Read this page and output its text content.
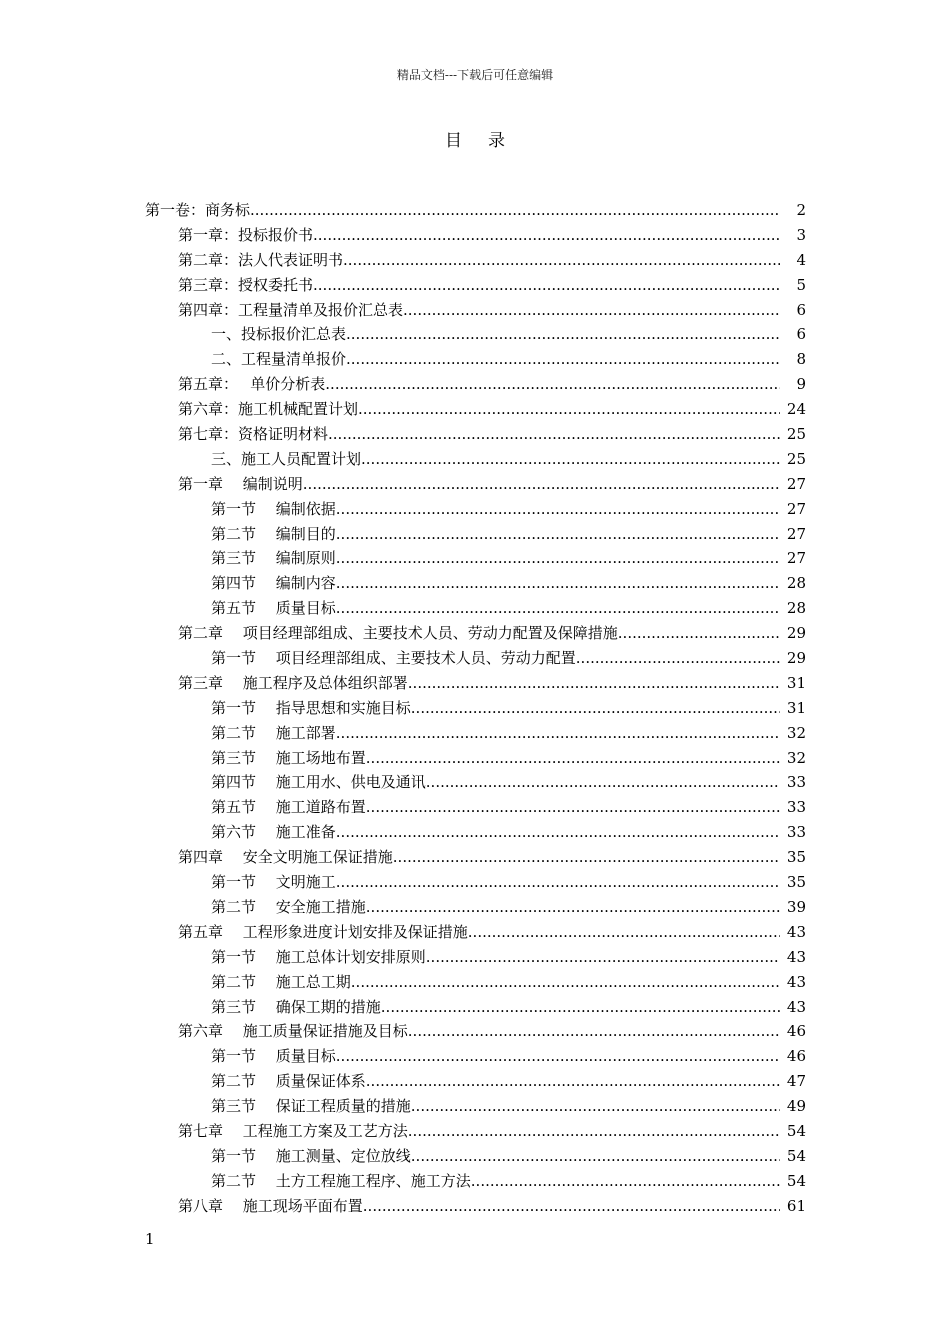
精品文档---下载后可任意编辑
目 录
第一卷：商务标 .....	2
第一章：投标报价书 .....	3
第二章：法人代表证明书 .....	4
第三章：授权委托书 .....	5
第四章：工程量清单及报价汇总表 .....	6
一、投标报价汇总表 .....	6
二、工程量清单报价 .....	8
第五章：　 单价分析表 .....	9
第六章：施工机械配置计划 .....	24
第七章：资格证明材料 .....	25
三、施工人员配置计划 .....	25
第一章　 编制说明 .....	27
第一节　 编制依据 .....	27
第二节　 编制目的 .....	27
第三节　 编制原则 .....	27
第四节　 编制内容 .....	28
第五节　 质量目标 .....	28
第二章　 项目经理部组成、主要技术人员、劳动力配置及保障措施 .....	29
第一节　 项目经理部组成、主要技术人员、劳动力配置 .....	29
第三章　 施工程序及总体组织部署 .....	31
第一节　 指导思想和实施目标 .....	31
第二节　 施工部署 .....	32
第三节　 施工场地布置 .....	32
第四节　 施工用水、供电及通讯 .....	33
第五节　 施工道路布置 .....	33
第六节　 施工准备 .....	33
第四章　 安全文明施工保证措施 .....	35
第一节　 文明施工 .....	35
第二节　 安全施工措施 .....	39
第五章　 工程形象进度计划安排及保证措施 .....	43
第一节　 施工总体计划安排原则 .....	43
第二节　 施工总工期 .....	43
第三节　 确保工期的措施 .....	43
第六章　 施工质量保证措施及目标 .....	46
第一节　 质量目标 .....	46
第二节　 质量保证体系 .....	47
第三节　 保证工程质量的措施 .....	49
第七章　 工程施工方案及工艺方法 .....	54
第一节　 施工测量、定位放线 .....	54
第二节　 土方工程施工程序、施工方法 .....	54
第八章　 施工现场平面布置 .....	61
1
